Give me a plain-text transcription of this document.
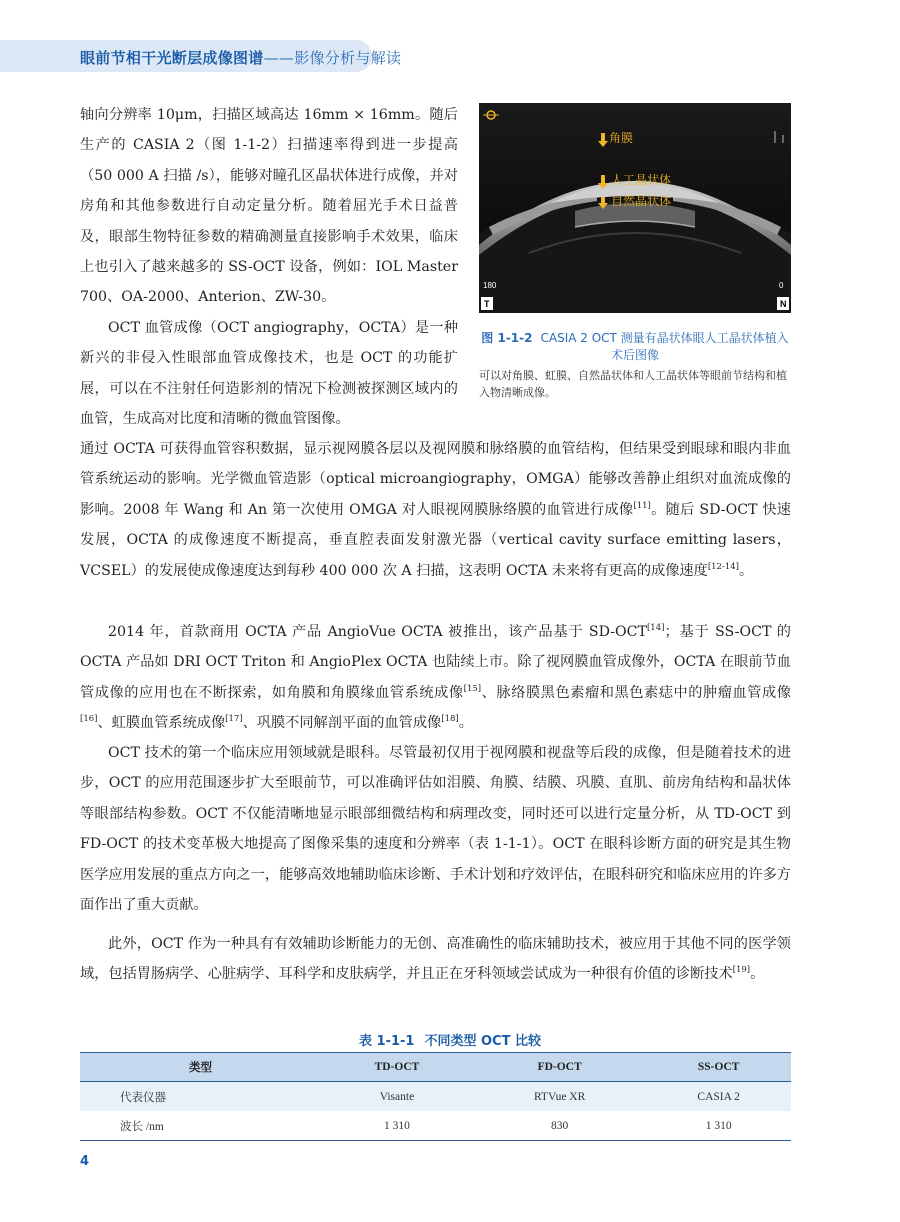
眼前节相干光断层成像图谱——影像分析与解读

轴向分辨率 10μm，扫描区域高达 16mm × 16mm。随后生产的 CASIA 2（图 1-1-2）扫描速率得到进一步提高（50 000 A 扫描 /s），能够对瞳孔区晶状体进行成像，并对房角和其他参数进行自动定量分析。随着屈光手术日益普及，眼部生物特征参数的精确测量直接影响手术效果，临床上也引入了越来越多的 SS-OCT 设备，例如：IOL Master 700、OA-2000、Anterion、ZW-30。

180	0
T	N
角膜
人工晶状体
自然晶状体
图 1-1-2 CASIA 2 OCT 测量有晶状体眼人工晶状体植入术后图像
可以对角膜、虹膜、自然晶状体和人工晶状体等眼前节结构和植入物清晰成像。

OCT 血管成像（OCT angiography，OCTA）是一种新兴的非侵入性眼部血管成像技术，也是 OCT 的功能扩展，可以在不注射任何造影剂的情况下检测被探测区域内的血管，生成高对比度和清晰的微血管图像。

通过 OCTA 可获得血管容积数据，显示视网膜各层以及视网膜和脉络膜的血管结构，但结果受到眼球和眼内非血管系统运动的影响。光学微血管造影（optical microangiography，OMGA）能够改善静止组织对血流成像的影响。2008 年 Wang 和 An 第一次使用 OMGA 对人眼视网膜脉络膜的血管进行成像[11]。随后 SD-OCT 快速发展，OCTA 的成像速度不断提高，垂直腔表面发射激光器（vertical cavity surface emitting lasers，VCSEL）的发展使成像速度达到每秒 400 000 次 A 扫描，这表明 OCTA 未来将有更高的成像速度[12-14]。

2014 年，首款商用 OCTA 产品 AngioVue OCTA 被推出，该产品基于 SD-OCT[14]；基于 SS-OCT 的 OCTA 产品如 DRI OCT Triton 和 AngioPlex OCTA 也陆续上市。除了视网膜血管成像外，OCTA 在眼前节血管成像的应用也在不断探索，如角膜和角膜缘血管系统成像[15]、脉络膜黑色素瘤和黑色素痣中的肿瘤血管成像[16]、虹膜血管系统成像[17]、巩膜不同解剖平面的血管成像[18]。

OCT 技术的第一个临床应用领域就是眼科。尽管最初仅用于视网膜和视盘等后段的成像，但是随着技术的进步，OCT 的应用范围逐步扩大至眼前节，可以准确评估如泪膜、角膜、结膜、巩膜、直肌、前房角结构和晶状体等眼部结构参数。OCT 不仅能清晰地显示眼部细微结构和病理改变，同时还可以进行定量分析，从 TD-OCT 到 FD-OCT 的技术变革极大地提高了图像采集的速度和分辨率（表 1-1-1）。OCT 在眼科诊断方面的研究是其生物医学应用发展的重点方向之一，能够高效地辅助临床诊断、手术计划和疗效评估，在眼科研究和临床应用的许多方面作出了重大贡献。

此外，OCT 作为一种具有有效辅助诊断能力的无创、高准确性的临床辅助技术，被应用于其他不同的医学领域，包括胃肠病学、心脏病学、耳科学和皮肤病学，并且正在牙科领域尝试成为一种很有价值的诊断技术[19]。

表 1-1-1 不同类型 OCT 比较
类型	TD-OCT	FD-OCT	SS-OCT
代表仪器	Visante	RTVue XR	CASIA 2
波长 /nm	1 310	830	1 310
4
